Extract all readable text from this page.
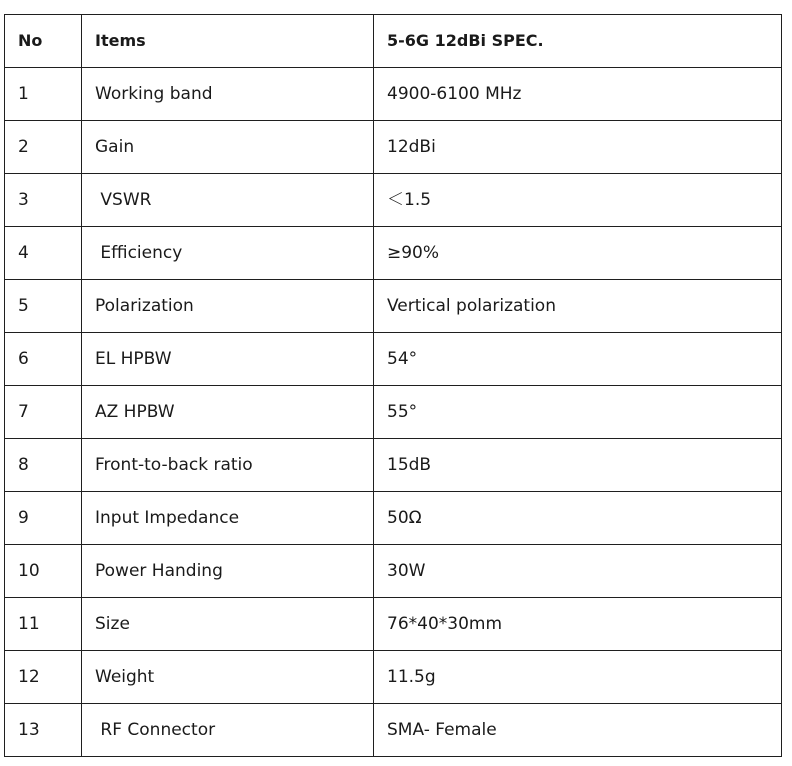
No	Items	5-6G 12dBi SPEC.
1	Working band	4900-6100 MHz
2	Gain	12dBi
3	VSWR	＜1.5
4	Efficiency	≥90%
5	Polarization	Vertical polarization
6	EL HPBW	54°
7	AZ HPBW	55°
8	Front-to-back ratio	15dB
9	Input Impedance	50Ω
10	Power Handing	30W
11	Size	76*40*30mm
12	Weight	11.5g
13	RF Connector	SMA- Female
